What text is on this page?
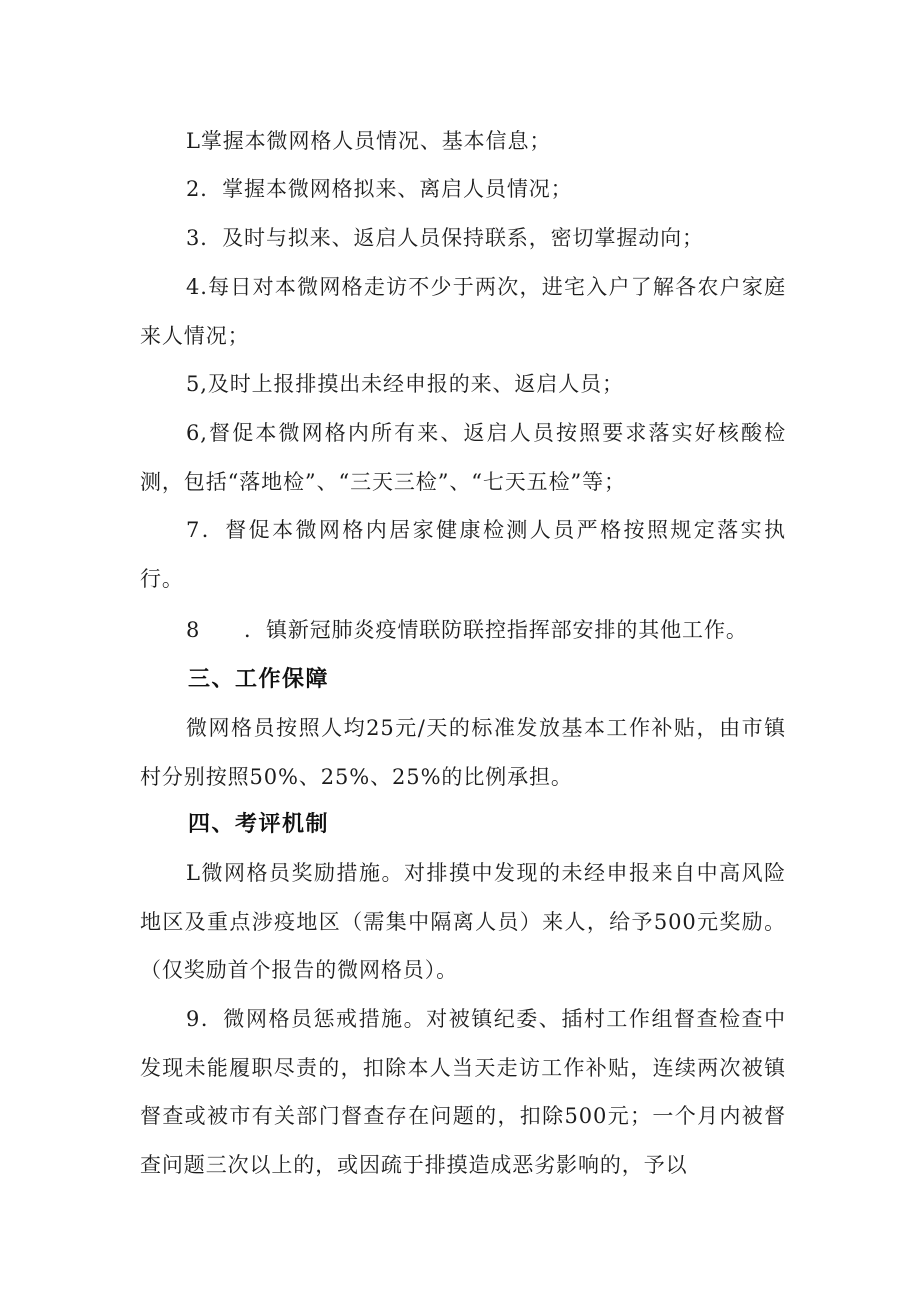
L掌握本微网格人员情况、基本信息；

2．掌握本微网格拟来、离启人员情况；

3．及时与拟来、返启人员保持联系，密切掌握动向；

4.每日对本微网格走访不少于两次，进宅入户了解各农户家庭来人情况；

5,及时上报排摸出未经申报的来、返启人员；

6,督促本微网格内所有来、返启人员按照要求落实好核酸检测，包括“落地检”、“三天三检”、“七天五检”等；

7．督促本微网格内居家健康检测人员严格按照规定落实执行。

8　　．镇新冠肺炎疫情联防联控指挥部安排的其他工作。

三、工作保障

微网格员按照人均25元/天的标准发放基本工作补贴，由市镇村分别按照50%、25%、25%的比例承担。

四、考评机制

L微网格员奖励措施。对排摸中发现的未经申报来自中高风险地区及重点涉疫地区（需集中隔离人员）来人，给予500元奖励。（仅奖励首个报告的微网格员）。

9．微网格员惩戒措施。对被镇纪委、插村工作组督查检查中发现未能履职尽责的，扣除本人当天走访工作补贴，连续两次被镇督查或被市有关部门督查存在问题的，扣除500元；一个月内被督查问题三次以上的，或因疏于排摸造成恶劣影响的，予以
